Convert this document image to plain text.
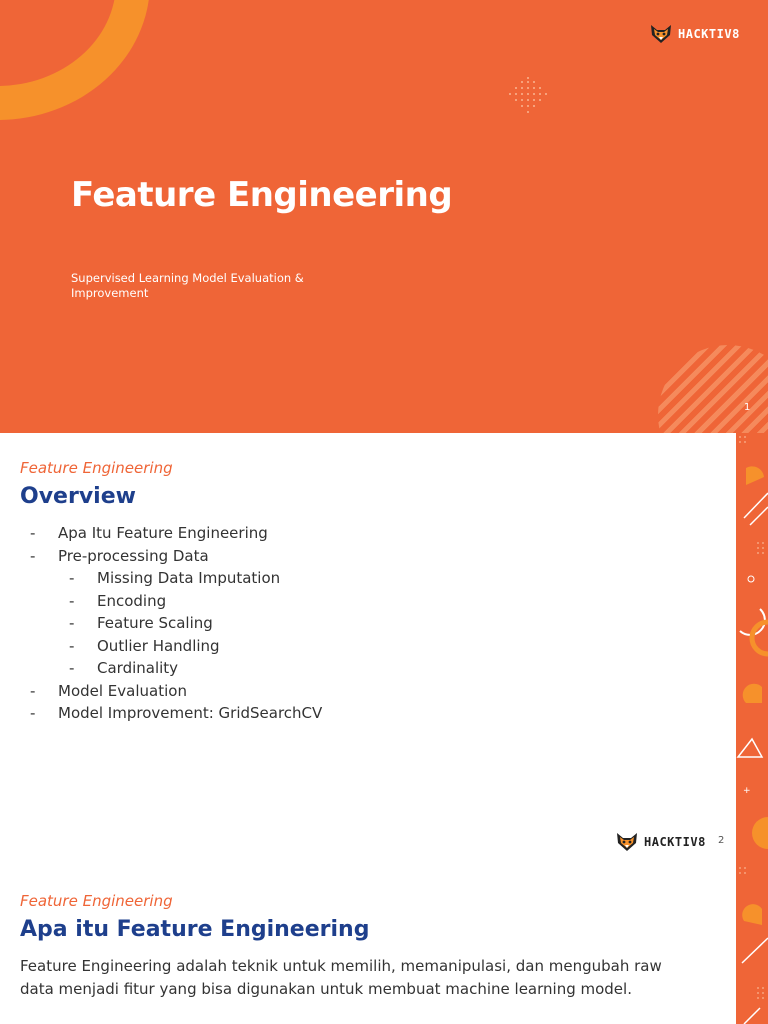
HACKTIV8
Feature Engineering
Supervised Learning Model Evaluation & Improvement
1
+
Feature Engineering
Overview
-	Apa Itu Feature Engineering
-	Pre-processing Data
-	Missing Data Imputation
-	Encoding
-	Feature Scaling
-	Outlier Handling
-	Cardinality
-	Model Evaluation
-	Model Improvement: GridSearchCV
HACKTIV8 2
Feature Engineering
Apa itu Feature Engineering
Feature Engineering adalah teknik untuk memilih, memanipulasi, dan mengubah raw
data menjadi fitur yang bisa digunakan untuk membuat machine learning model.
